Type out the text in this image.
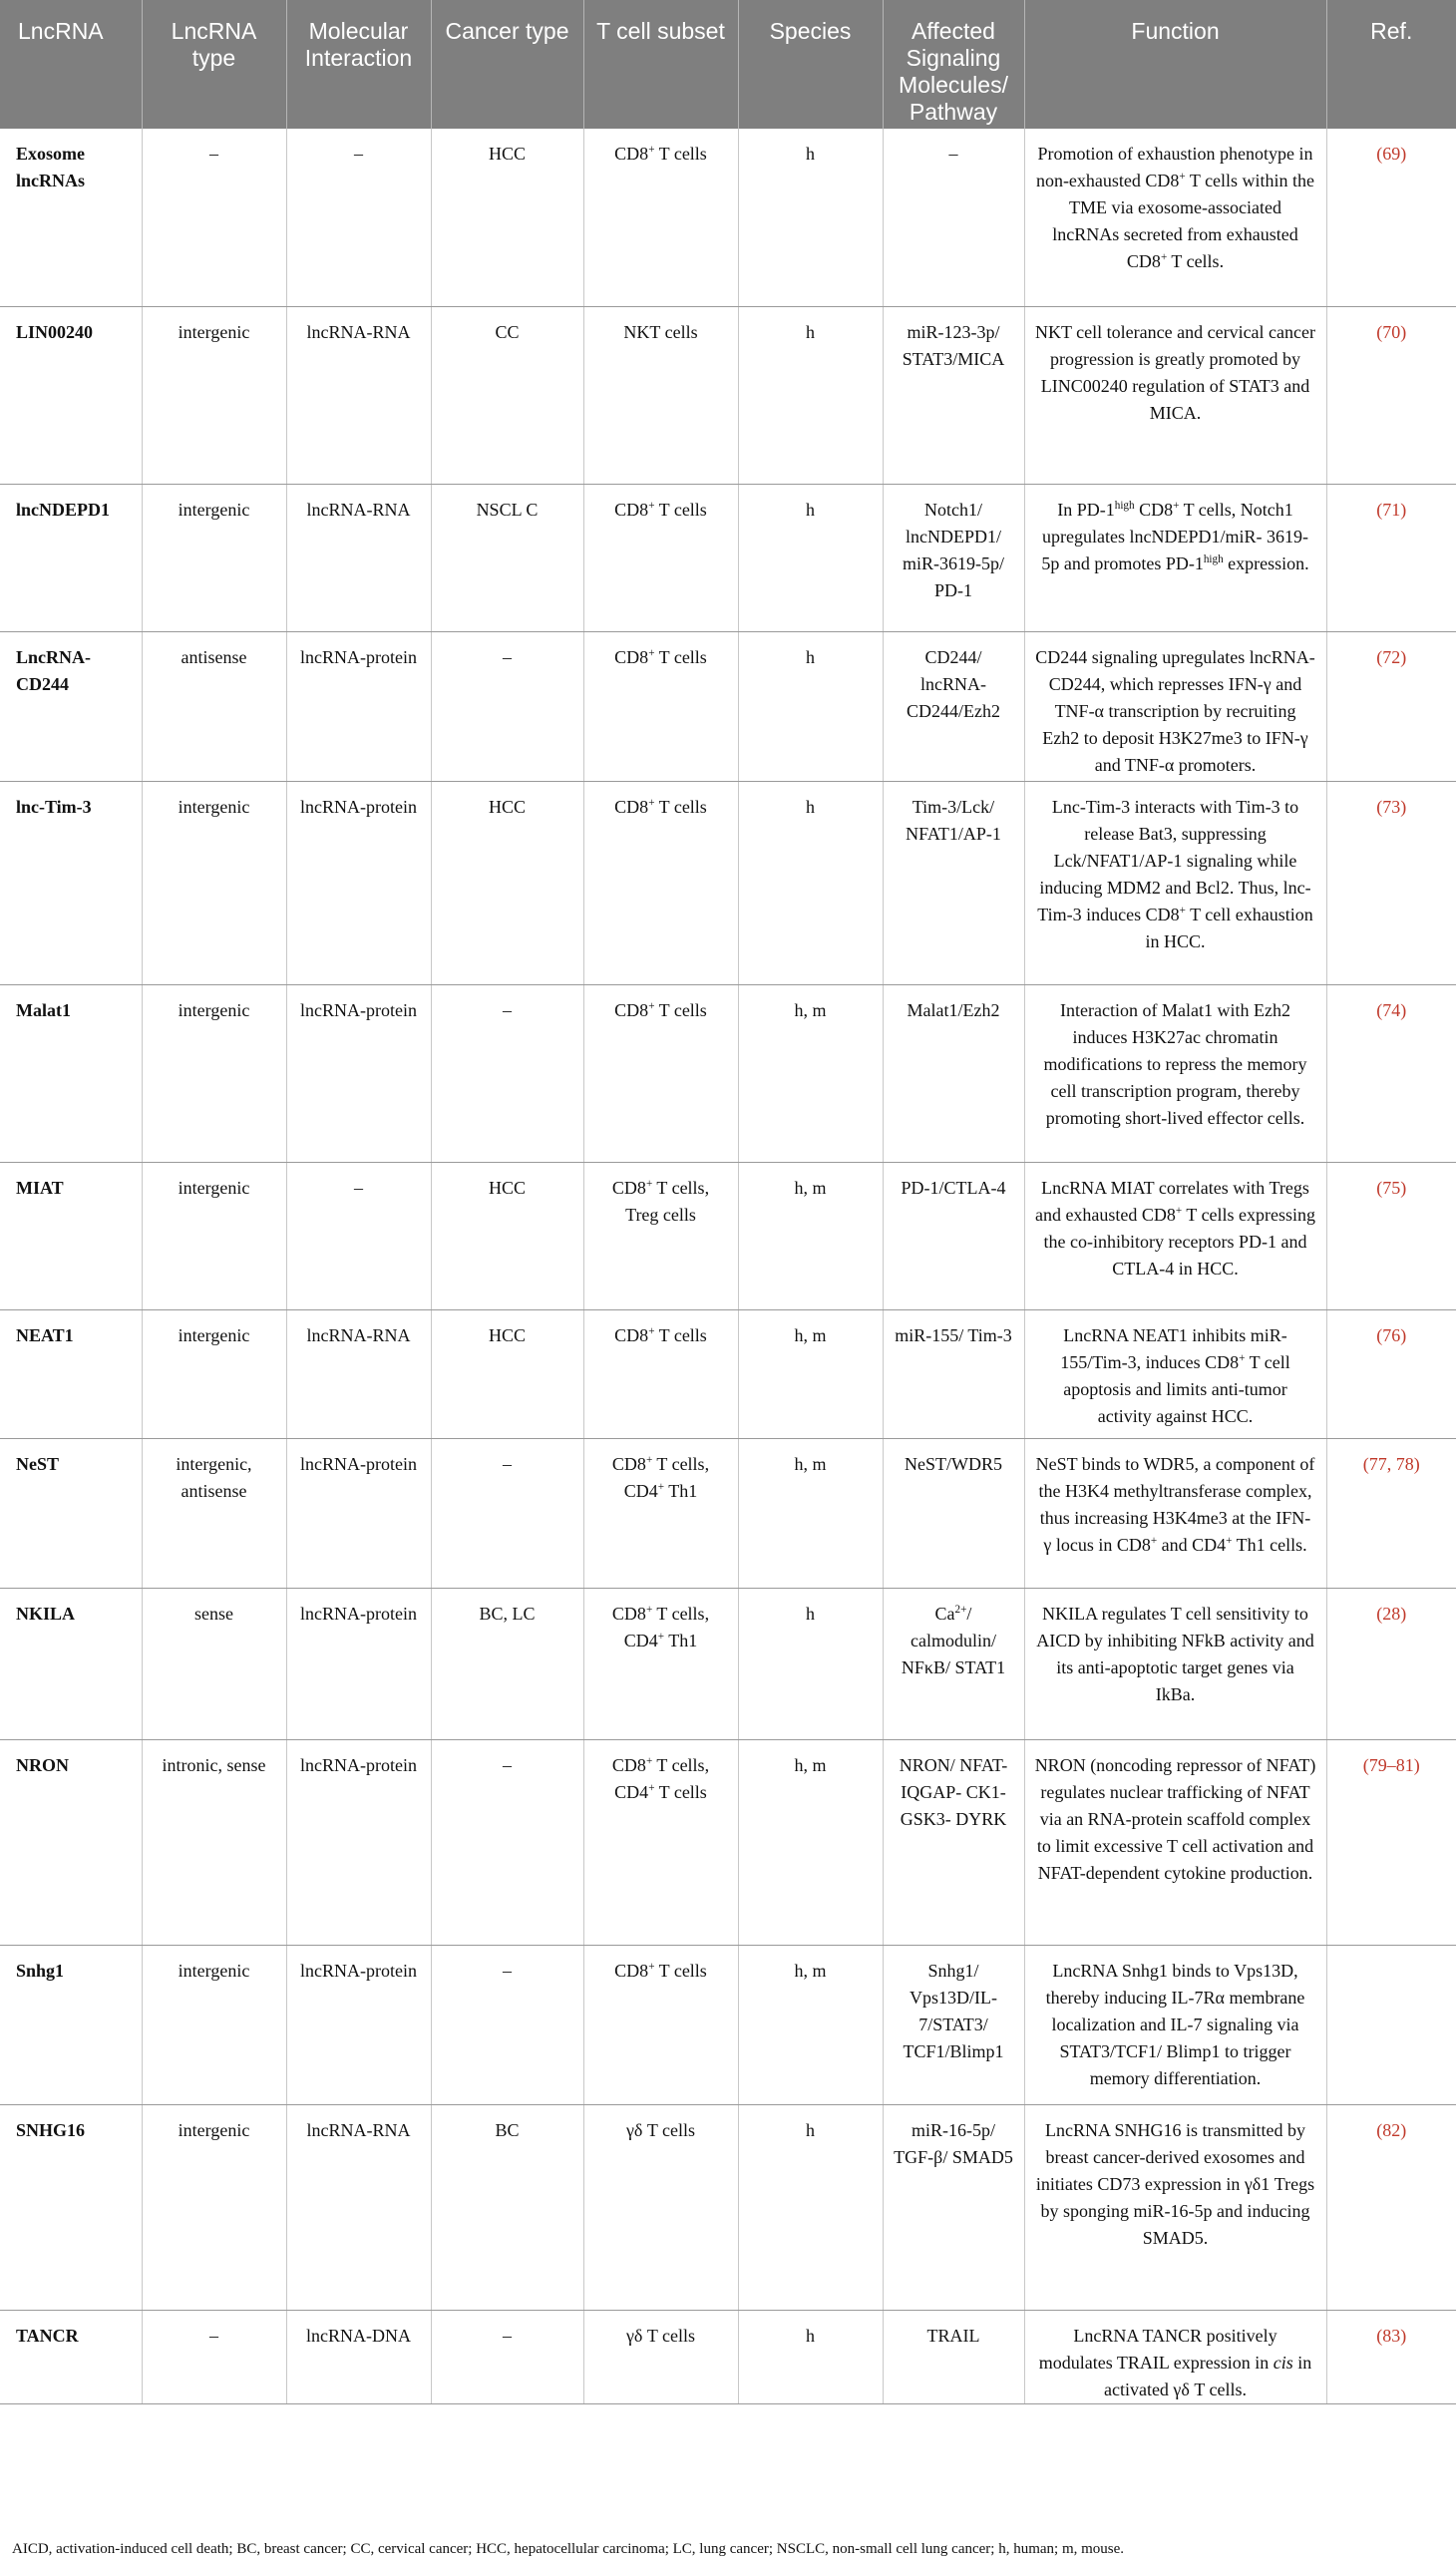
LncRNA	LncRNA type	Molecular Interaction	Cancer type	T cell subset	Species	Affected Signaling Molecules/ Pathway	Function	Ref.
Exosome lncRNAs	–	–	HCC	CD8+ T cells	h	–	Promotion of exhaustion phenotype in non-exhausted CD8+ T cells within the TME via exosome-associated lncRNAs secreted from exhausted CD8+ T cells.	(69)
LIN00240	intergenic	lncRNA-RNA	CC	NKT cells	h	miR-123-3p/ STAT3/MICA	NKT cell tolerance and cervical cancer progression is greatly promoted by LINC00240 regulation of STAT3 and MICA.	(70)
lncNDEPD1	intergenic	lncRNA-RNA	NSCL C	CD8+ T cells	h	Notch1/ lncNDEPD1/ miR-3619-5p/ PD-1	In $PD-1^{high}$ CD8+ T cells, Notch1 upregulates lncNDEPD1/miR- 3619-5p and promotes $PD-1^{high}$ expression.	(71)
LncRNA-CD244	antisense	lncRNA-protein	–	CD8+ T cells	h	CD244/ lncRNA-CD244/Ezh2	CD244 signaling upregulates lncRNA-CD244, which represses IFN-γ and TNF-α transcription by recruiting Ezh2 to deposit H3K27me3 to IFN-γ and TNF-α promoters.	(72)
lnc-Tim-3	intergenic	lncRNA-protein	HCC	CD8+ T cells	h	Tim-3/Lck/ NFAT1/AP-1	Lnc-Tim-3 interacts with Tim-3 to release Bat3, suppressing Lck/NFAT1/AP-1 signaling while inducing MDM2 and Bcl2. Thus, lnc-Tim-3 induces CD8+ T cell exhaustion in HCC.	(73)
Malat1	intergenic	lncRNA-protein	–	CD8+ T cells	h, m	Malat1/Ezh2	Interaction of Malat1 with Ezh2 induces H3K27ac chromatin modifications to repress the memory cell transcription program, thereby promoting short-lived effector cells.	(74)
MIAT	intergenic	–	HCC	CD8+ T cells, Treg cells	h, m	PD-1/CTLA-4	LncRNA MIAT correlates with Tregs and exhausted CD8+ T cells expressing the co-inhibitory receptors PD-1 and CTLA-4 in HCC.	(75)
NEAT1	intergenic	lncRNA-RNA	HCC	CD8+ T cells	h, m	miR-155/ Tim-3	LncRNA NEAT1 inhibits miR-155/Tim-3, induces CD8+ T cell apoptosis and limits anti-tumor activity against HCC.	(76)
NeST	intergenic, antisense	lncRNA-protein	–	CD8+ T cells, CD4+ Th1	h, m	NeST/WDR5	NeST binds to WDR5, a component of the H3K4 methyltransferase complex, thus increasing H3K4me3 at the IFN- γ locus in CD8+ and CD4+ Th1 cells.	(77, 78)
NKILA	sense	lncRNA-protein	BC, LC	CD8+ T cells, CD4+ Th1	h	$Ca^{2+}/$ calmodulin/ NFκB/ STAT1	NKILA regulates T cell sensitivity to AICD by inhibiting NFkB activity and its anti-apoptotic target genes via IkBa.	(28)
NRON	intronic, sense	lncRNA-protein	–	CD8+ T cells, CD4+ T cells	h, m	NRON/ NFAT- IQGAP- CK1-GSK3- DYRK	NRON (noncoding repressor of NFAT) regulates nuclear trafficking of NFAT via an RNA-protein scaffold complex to limit excessive T cell activation and NFAT-dependent cytokine production.	(79–81)
Snhg1	intergenic	lncRNA-protein	–	CD8+ T cells	h, m	Snhg1/ Vps13D/IL-7/STAT3/ TCF1/Blimp1	LncRNA Snhg1 binds to Vps13D, thereby inducing IL-7Rα membrane localization and IL-7 signaling via STAT3/TCF1/ Blimp1 to trigger memory differentiation.	
SNHG16	intergenic	lncRNA-RNA	BC	γδ T cells	h	miR-16-5p/ TGF-β/ SMAD5	LncRNA SNHG16 is transmitted by breast cancer-derived exosomes and initiates CD73 expression in γδ1 Tregs by sponging miR-16-5p and inducing SMAD5.	(82)
TANCR	–	lncRNA-DNA	–	γδ T cells	h	TRAIL	LncRNA TANCR positively modulates TRAIL expression in cis in activated γδ T cells.	(83)
AICD, activation-induced cell death; BC, breast cancer; CC, cervical cancer; HCC, hepatocellular carcinoma; LC, lung cancer; NSCLC, non-small cell lung cancer; h, human; m, mouse.
